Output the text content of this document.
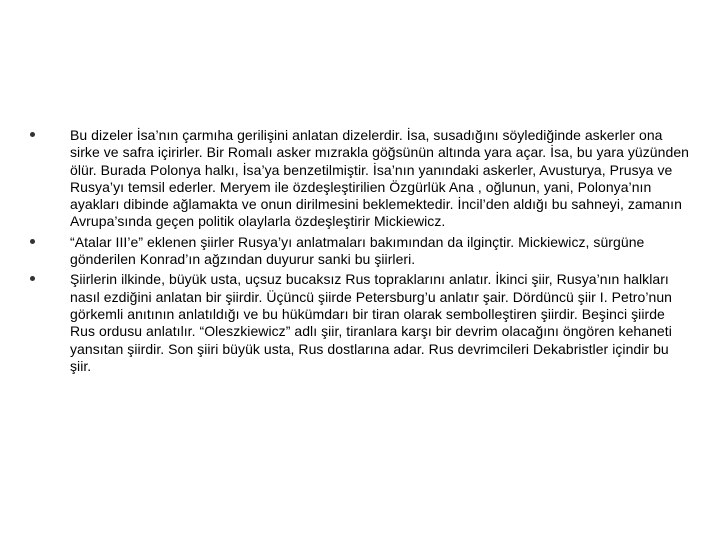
Bu dizeler İsa’nın çarmıha gerilişini anlatan dizelerdir. İsa, susadığını söylediğinde askerler ona sirke ve safra içirirler. Bir Romalı asker mızrakla göğsünün altında yara açar. İsa, bu yara yüzünden ölür. Burada Polonya halkı, İsa’ya benzetilmiştir. İsa’nın yanındaki askerler, Avusturya, Prusya ve Rusya’yı temsil ederler. Meryem ile özdeşleştirilien Özgürlük Ana , oğlunun, yani, Polonya’nın ayakları dibinde ağlamakta ve onun dirilmesini beklemektedir. İncil’den aldığı bu sahneyi, zamanın Avrupa’sında geçen politik olaylarla özdeşleştirir Mickiewicz.
“Atalar III’e” eklenen şiirler Rusya’yı anlatmaları bakımından da ilginçtir. Mickiewicz, sürgüne gönderilen Konrad’ın ağzından duyurur sanki bu şiirleri.
Şiirlerin ilkinde, büyük usta, uçsuz bucaksız Rus topraklarını anlatır. İkinci şiir, Rusya’nın halkları nasıl ezdiğini anlatan bir şiirdir. Üçüncü şiirde Petersburg’u anlatır şair. Dördüncü şiir I. Petro’nun görkemli anıtının anlatıldığı ve bu hükümdarı bir tiran olarak sembolleştiren şiirdir. Beşinci şiirde Rus ordusu anlatılır. “Oleszkiewicz” adlı şiir, tiranlara karşı bir devrim olacağını öngören kehaneti yansıtan şiirdir. Son şiiri büyük usta, Rus dostlarına adar. Rus devrimcileri Dekabristler içindir bu şiir.
